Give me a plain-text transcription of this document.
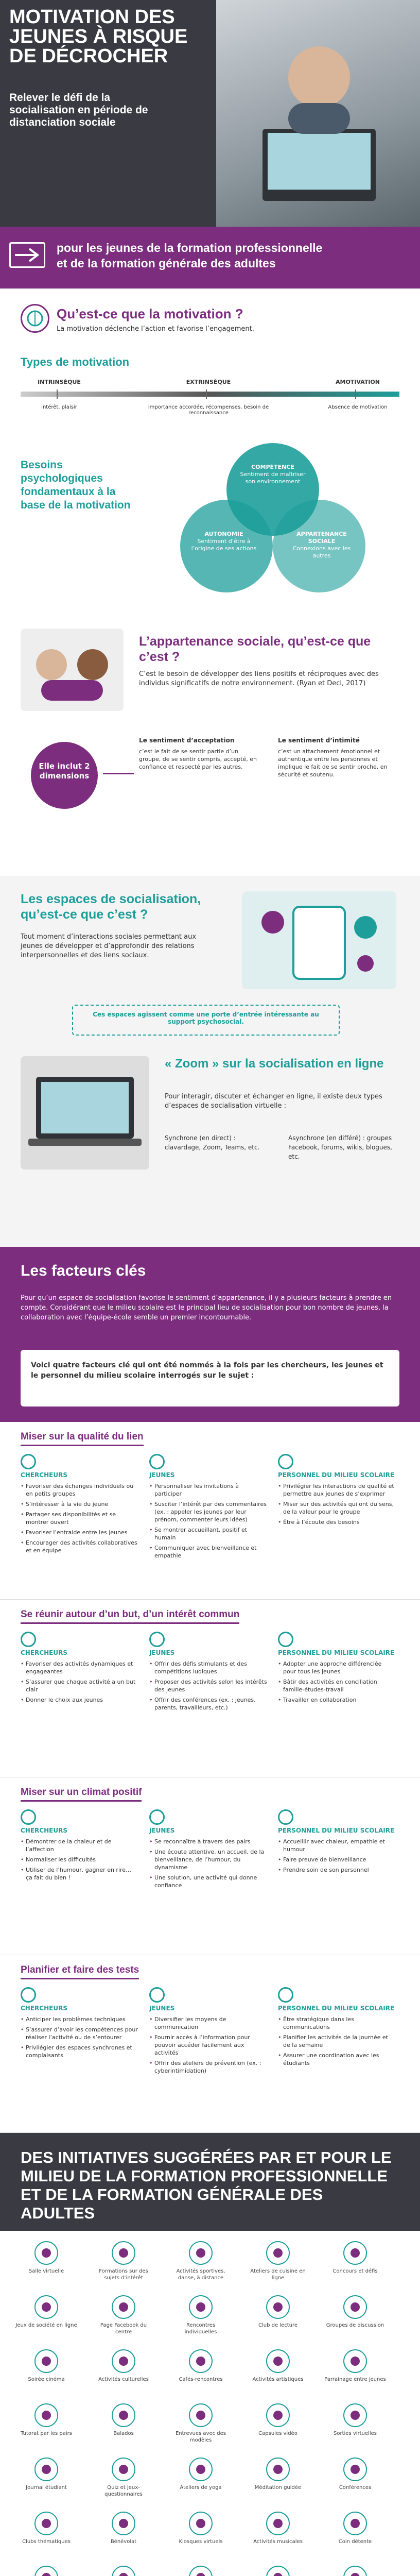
MOTIVATION DES JEUNES À RISQUE DE DÉCROCHER
Relever le défi de la socialisation en période de distanciation sociale
pour les jeunes de la formation professionnelle
et de la formation générale des adultes
Qu’est-ce que la motivation ?
La motivation déclenche l’action et favorise l’engagement.
Types de motivation
INTRINSÈQUE	EXTRINSÈQUE	AMOTIVATION
intérêt, plaisir	importance accordée, récompenses, besoin de reconnaissance
Absence de motivation
Besoins psychologiques fondamentaux à la base de la motivation
COMPÉTENCE
Sentiment de maîtriser son environnement
AUTONOMIE
Sentiment d’être à l’origine de ses actions
APPARTENANCE SOCIALE
Connexions avec les autres
L’appartenance sociale, qu’est-ce que c’est ?
C’est le besoin de développer des liens positifs et réciproques avec des individus significatifs de notre environnement. (Ryan et Deci, 2017)
Elle inclut 2 dimensions
Le sentiment d’acceptation
c’est le fait de se sentir partie d’un groupe, de se sentir compris, accepté, en confiance et respecté par les autres.
Le sentiment d’intimité
c’est un attachement émotionnel et authentique entre les personnes et implique le fait de se sentir proche, en sécurité et soutenu.
Les espaces de socialisation, qu’est-ce que c’est ?
Tout moment d’interactions sociales permettant aux jeunes de développer et d’approfondir des relations interpersonnelles et des liens sociaux.
Ces espaces agissent comme une porte d’entrée intéressante au support psychosocial.
« Zoom » sur la socialisation en ligne
Pour interagir, discuter et échanger en ligne, il existe deux types d’espaces de socialisation virtuelle :
Synchrone (en direct) : clavardage, Zoom, Teams, etc.
Asynchrone (en différé) : groupes Facebook, forums, wikis, blogues, etc.
Les facteurs clés
Pour qu’un espace de socialisation favorise le sentiment d’appartenance, il y a plusieurs facteurs à prendre en compte. Considérant que le milieu scolaire est le principal lieu de socialisation pour bon nombre de jeunes, la collaboration avec l’équipe-école semble un premier incontournable.
Voici quatre facteurs clé qui ont été nommés à la fois par les chercheurs, les jeunes et le personnel du milieu scolaire interrogés sur le sujet :
Miser sur la qualité du lien
CHERCHEURS
• Favoriser des échanges individuels ou en petits groupes
• S’intéresser à la vie du jeune
• Partager ses disponibilités et se montrer ouvert
• Favoriser l’entraide entre les jeunes
• Encourager des activités collaboratives et en équipe
JEUNES
• Personnaliser les invitations à participer
• Susciter l’intérêt par des commentaires (ex. : appeler les jeunes par leur prénom, commenter leurs idées)
• Se montrer accueillant, positif et humain
• Communiquer avec bienveillance et empathie
PERSONNEL DU MILIEU SCOLAIRE
• Privilégier les interactions de qualité et permettre aux jeunes de s’exprimer
• Miser sur des activités qui ont du sens, de la valeur pour le groupe
• Être à l’écoute des besoins
Se réunir autour d’un but, d’un intérêt commun
CHERCHEURS
• Favoriser des activités dynamiques et engageantes
• S’assurer que chaque activité a un but clair
• Donner le choix aux jeunes
JEUNES
• Offrir des défis stimulants et des compétitions ludiques
• Proposer des activités selon les intérêts des jeunes
• Offrir des conférences (ex. : jeunes, parents, travailleurs, etc.)
PERSONNEL DU MILIEU SCOLAIRE
• Adopter une approche différenciée pour tous les jeunes
• Bâtir des activités en conciliation famille-études-travail
• Travailler en collaboration
Miser sur un climat positif
CHERCHEURS
• Démontrer de la chaleur et de l’affection
• Normaliser les difficultés
• Utiliser de l’humour, gagner en rire… ça fait du bien !
JEUNES
• Se reconnaître à travers des pairs
• Une écoute attentive, un accueil, de la bienveillance, de l’humour, du dynamisme
• Une solution, une activité qui donne confiance
PERSONNEL DU MILIEU SCOLAIRE
• Accueillir avec chaleur, empathie et humour
• Faire preuve de bienveillance
• Prendre soin de son personnel
Planifier et faire des tests
CHERCHEURS
• Anticiper les problèmes techniques
• S’assurer d’avoir les compétences pour réaliser l’activité ou de s’entourer
• Privilégier des espaces synchrones et complaisants
JEUNES
• Diversifier les moyens de communication
• Fournir accès à l’information pour pouvoir accéder facilement aux activités
• Offrir des ateliers de prévention (ex. : cyberintimidation)
PERSONNEL DU MILIEU SCOLAIRE
• Être stratégique dans les communications
• Planifier les activités de la journée et de la semaine
• Assurer une coordination avec les étudiants
DES INITIATIVES SUGGÉRÉES PAR ET POUR LE MILIEU DE LA FORMATION PROFESSIONNELLE ET DE LA FORMATION GÉNÉRALE DES ADULTES
Salle virtuelle	Formations sur des sujets d’intérêt
Activités sportives, danse, à distance
Ateliers de cuisine en ligne
Concours et défis
Jeux de société en ligne	Page Facebook du centre
Rencontres individuelles
Club de lecture	Groupes de discussion
Soirée cinéma	Activités culturelles	Cafés-rencontres	Activités artistiques	Parrainage entre jeunes
Tutorat par les pairs	Balados	Entrevues avec des modèles
Capsules vidéo	Sorties virtuelles
Journal étudiant	Quiz et jeux-questionnaires
Ateliers de yoga	Méditation guidée	Conférences
Clubs thématiques	Bénévolat	Kiosques virtuels	Activités musicales	Coin détente
